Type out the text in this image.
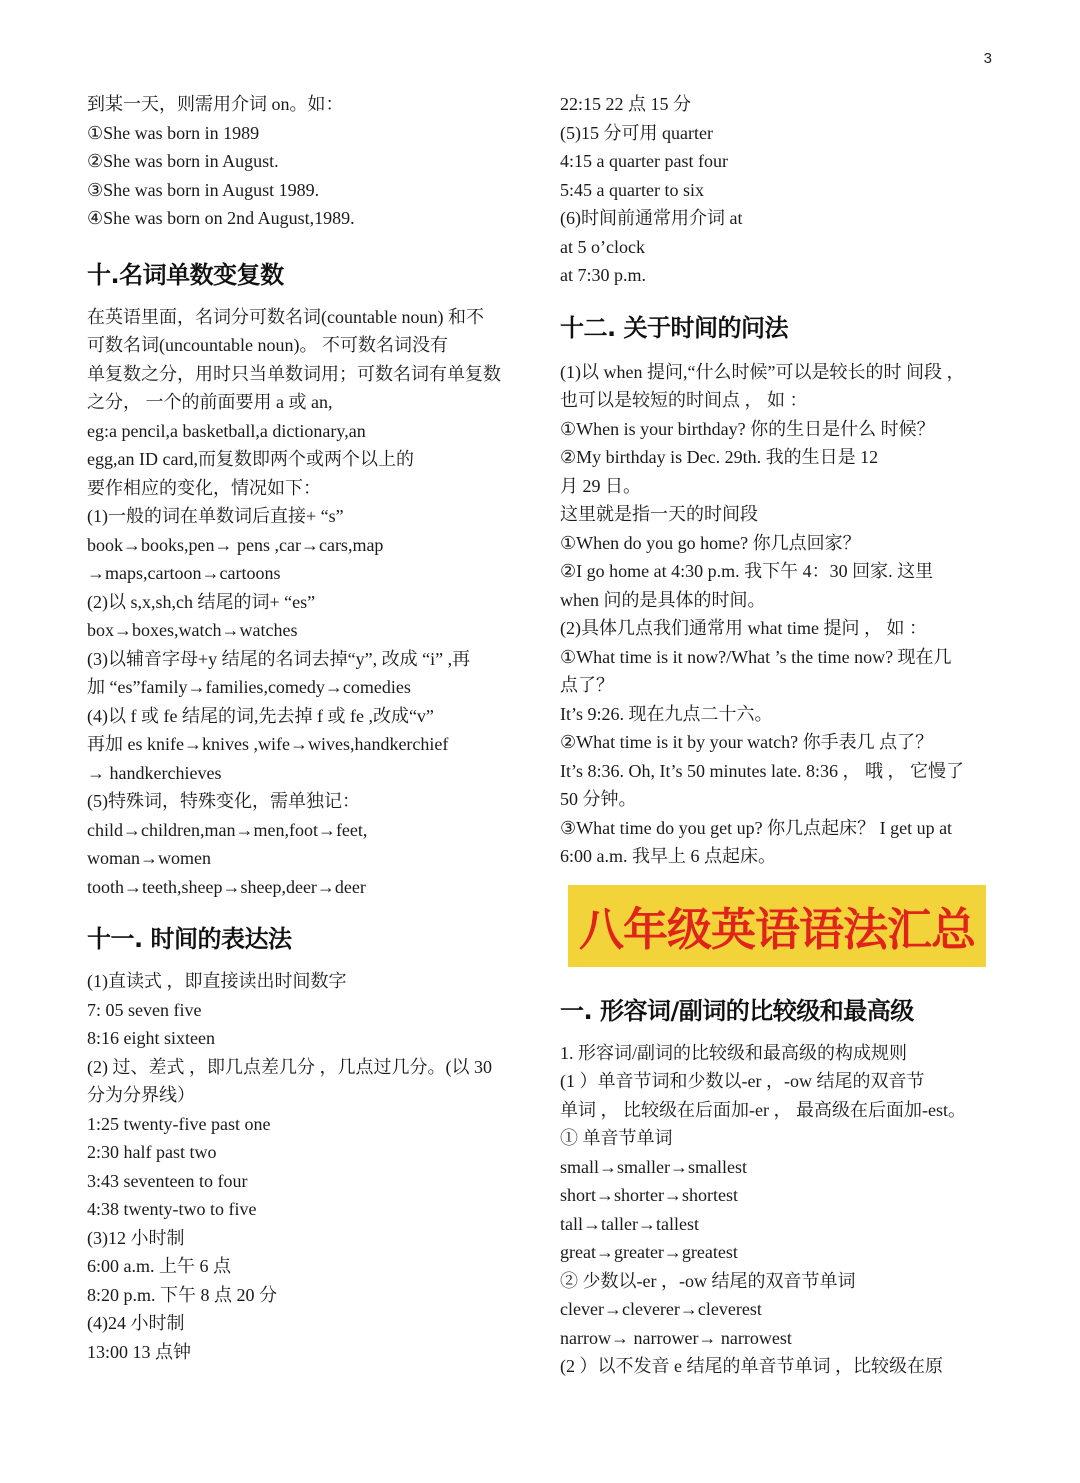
3
到某一天，则需用介词 on。如：
①She was born in 1989
②She was born in August.
③She was born in August 1989.
④She was born on 2nd August,1989.
十.名词单数变复数
在英语里面，名词分可数名词(countable noun) 和不
可数名词(uncountable noun)。 不可数名词没有
单复数之分，用时只当单数词用；可数名词有单复数
之分， 一个的前面要用 a 或 an,
eg:a pencil,a basketball,a dictionary,an
egg,an ID card,而复数即两个或两个以上的
要作相应的变化，情况如下：
(1)一般的词在单数词后直接+ “s”
book→books,pen→ pens ,car→cars,map
→maps,cartoon→cartoons
(2)以 s,x,sh,ch 结尾的词+ “es”
box→boxes,watch→watches
(3)以辅音字母+y 结尾的名词去掉“y”, 改成 “i” ,再
加 “es”family→families,comedy→comedies
(4)以 f 或 fe 结尾的词,先去掉 f 或 fe ,改成“v”
再加 es knife→knives ,wife→wives,handkerchief
→ handkerchieves
(5)特殊词，特殊变化，需单独记：
child→children,man→men,foot→feet,
woman→women
tooth→teeth,sheep→sheep,deer→deer
十一. 时间的表达法
(1)直读式 ，即直接读出时间数字
7: 05 seven five
8:16 eight sixteen
(2) 过、差式 ，即几点差几分 ，几点过几分。(以 30
分为分界线）
1:25 twenty-five past one
2:30 half past two
3:43 seventeen to four
4:38 twenty-two to five
(3)12 小时制
6:00 a.m. 上午 6 点
8:20 p.m. 下午 8 点 20 分
(4)24 小时制
13:00 13 点钟
22:15 22 点 15 分
(5)15 分可用 quarter
4:15 a quarter past four
5:45 a quarter to six
(6)时间前通常用介词 at
at 5 o’clock
at 7:30 p.m.
十二. 关于时间的问法
(1)以 when 提问,“什么时候”可以是较长的时 间段 ，
也可以是较短的时间点 ， 如 ：
①When is your birthday? 你的生日是什么 时候？
②My birthday is Dec. 29th. 我的生日是 12
月 29 日。
这里就是指一天的时间段
①When do you go home? 你几点回家？
②I go home at 4:30 p.m. 我下午 4：30 回家. 这里
when 问的是具体的时间。
(2)具体几点我们通常用 what time 提问 ， 如 ：
①What time is it now?/What ’s the time now? 现在几
点了？
It’s 9:26. 现在九点二十六。
②What time is it by your watch? 你手表几 点了？
It’s 8:36. Oh, It’s 50 minutes late. 8:36 ， 哦 ， 它慢了
50 分钟。
③What time do you get up? 你几点起床？ I get up at
6:00 a.m. 我早上 6 点起床。
八年级英语语法汇总
一. 形容词/副词的比较级和最高级
1. 形容词/副词的比较级和最高级的构成规则
(1 ）单音节词和少数以-er ，-ow 结尾的双音节
单词 ， 比较级在后面加-er ， 最高级在后面加-est。
① 单音节单词
small→smaller→smallest
short→shorter→shortest
tall→taller→tallest
great→greater→greatest
② 少数以-er ，-ow 结尾的双音节单词
clever→cleverer→cleverest
narrow→ narrower→ narrowest
(2 ）以不发音 e 结尾的单音节单词 ，比较级在原
